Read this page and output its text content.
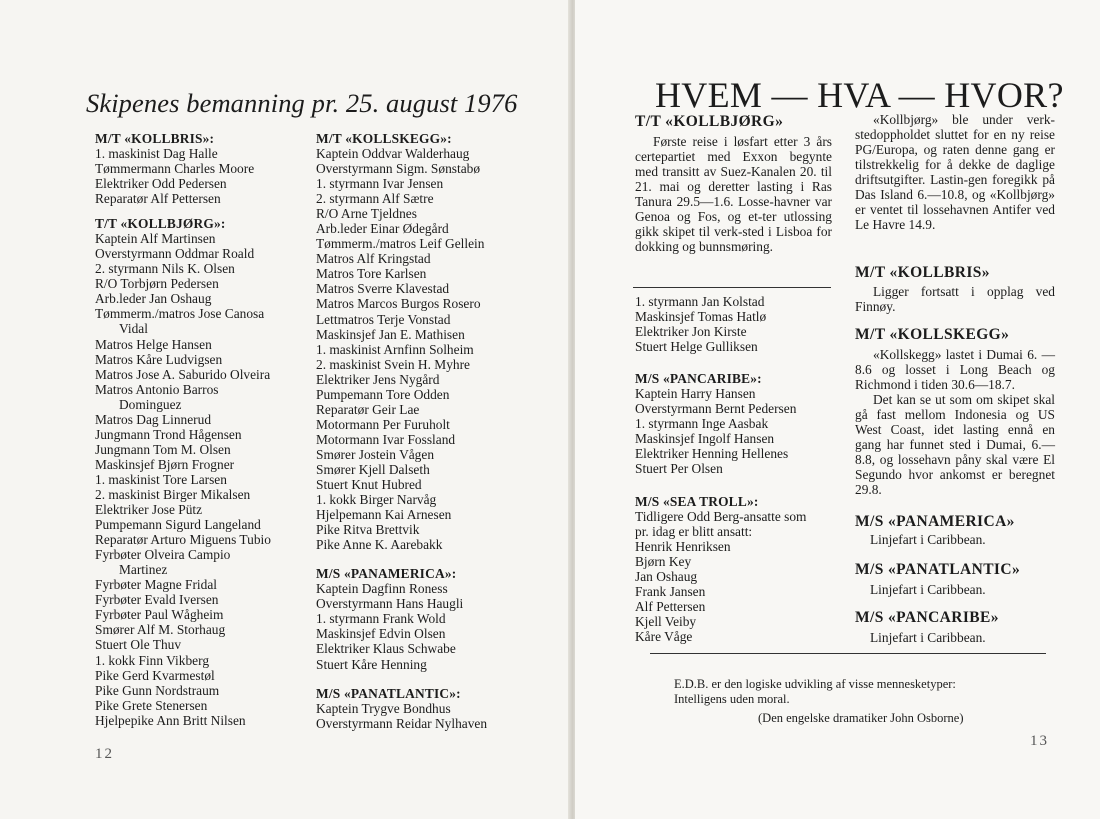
Skipenes bemanning pr. 25. august 1976
M/T «KOLLBRIS»:
1. maskinist Dag Halle
Tømmermann Charles Moore
Elektriker Odd Pedersen
Reparatør Alf Pettersen
T/T «KOLLBJØRG»:
Kaptein Alf Martinsen
Overstyrmann Oddmar Roald
2. styrmann Nils K. Olsen
R/O Torbjørn Pedersen
Arb.leder Jan Oshaug
Tømmerm./matros Jose Canosa
Vidal
Matros Helge Hansen
Matros Kåre Ludvigsen
Matros Jose A. Saburido Olveira
Matros Antonio Barros
Dominguez
Matros Dag Linnerud
Jungmann Trond Hågensen
Jungmann Tom M. Olsen
Maskinsjef Bjørn Frogner
1. maskinist Tore Larsen
2. maskinist Birger Mikalsen
Elektriker Jose Pütz
Pumpemann Sigurd Langeland
Reparatør Arturo Miguens Tubio
Fyrbøter Olveira Campio
Martinez
Fyrbøter Magne Fridal
Fyrbøter Evald Iversen
Fyrbøter Paul Wågheim
Smører Alf M. Storhaug
Stuert Ole Thuv
1. kokk Finn Vikberg
Pike Gerd Kvarmestøl
Pike Gunn Nordstraum
Pike Grete Stenersen
Hjelpepike Ann Britt Nilsen
M/T «KOLLSKEGG»:
Kaptein Oddvar Walderhaug
Overstyrmann Sigm. Sønstabø
1. styrmann Ivar Jensen
2. styrmann Alf Sætre
R/O Arne Tjeldnes
Arb.leder Einar Ødegård
Tømmerm./matros Leif Gellein
Matros Alf Kringstad
Matros Tore Karlsen
Matros Sverre Klavestad
Matros Marcos Burgos Rosero
Lettmatros Terje Vonstad
Maskinsjef Jan E. Mathisen
1. maskinist Arnfinn Solheim
2. maskinist Svein H. Myhre
Elektriker Jens Nygård
Pumpemann Tore Odden
Reparatør Geir Lae
Motormann Per Furuholt
Motormann Ivar Fossland
Smører Jostein Vågen
Smører Kjell Dalseth
Stuert Knut Hubred
1. kokk Birger Narvåg
Hjelpemann Kai Arnesen
Pike Ritva Brettvik
Pike Anne K. Aarebakk
M/S «PANAMERICA»:
Kaptein Dagfinn Roness
Overstyrmann Hans Haugli
1. styrmann Frank Wold
Maskinsjef Edvin Olsen
Elektriker Klaus Schwabe
Stuert Kåre Henning
M/S «PANATLANTIC»:
Kaptein Trygve Bondhus
Overstyrmann Reidar Nylhaven
12
HVEM — HVA — HVOR?
T/T «KOLLBJØRG»
Første reise i løsfart etter 3 års certepartiet med Exxon begynte med transitt av Suez-Kanalen 20. til 21. mai og deretter lasting i Ras Tanura 29.5—1.6. Losse-havner var Genoa og Fos, og et-ter utlossing gikk skipet til verk-sted i Lisboa for dokking og bunnsmøring.
1. styrmann Jan Kolstad
Maskinsjef Tomas Hatlø
Elektriker Jon Kirste
Stuert Helge Gulliksen
M/S «PANCARIBE»:
Kaptein Harry Hansen
Overstyrmann Bernt Pedersen
1. styrmann Inge Aasbak
Maskinsjef Ingolf Hansen
Elektriker Henning Hellenes
Stuert Per Olsen
M/S «SEA TROLL»:
Tidligere Odd Berg-ansatte som
pr. idag er blitt ansatt:
Henrik Henriksen
Bjørn Key
Jan Oshaug
Frank Jansen
Alf Pettersen
Kjell Veiby
Kåre Våge
«Kollbjørg» ble under verk-stedoppholdet sluttet for en ny reise PG/Europa, og raten denne gang er tilstrekkelig for å dekke de daglige driftsutgifter. Lastin-gen foregikk på Das Island 6.—10.8, og «Kollbjørg» er ventet til lossehavnen Antifer ved Le Havre 14.9.
M/T «KOLLBRIS»
Ligger fortsatt i opplag ved Finnøy.
M/T «KOLLSKEGG»
«Kollskegg» lastet i Dumai 6. —8.6 og losset i Long Beach og Richmond i tiden 30.6—18.7.
Det kan se ut som om skipet skal gå fast mellom Indonesia og US West Coast, idet lasting ennå en gang har funnet sted i Dumai, 6.—8.8, og lossehavn påny skal være El Segundo hvor ankomst er beregnet 29.8.
M/S «PANAMERICA»
Linjefart i Caribbean.
M/S «PANATLANTIC»
Linjefart i Caribbean.
M/S «PANCARIBE»
Linjefart i Caribbean.
E.D.B. er den logiske udvikling af visse mennesketyper:
Intelligens uden moral.
(Den engelske dramatiker John Osborne)
13
